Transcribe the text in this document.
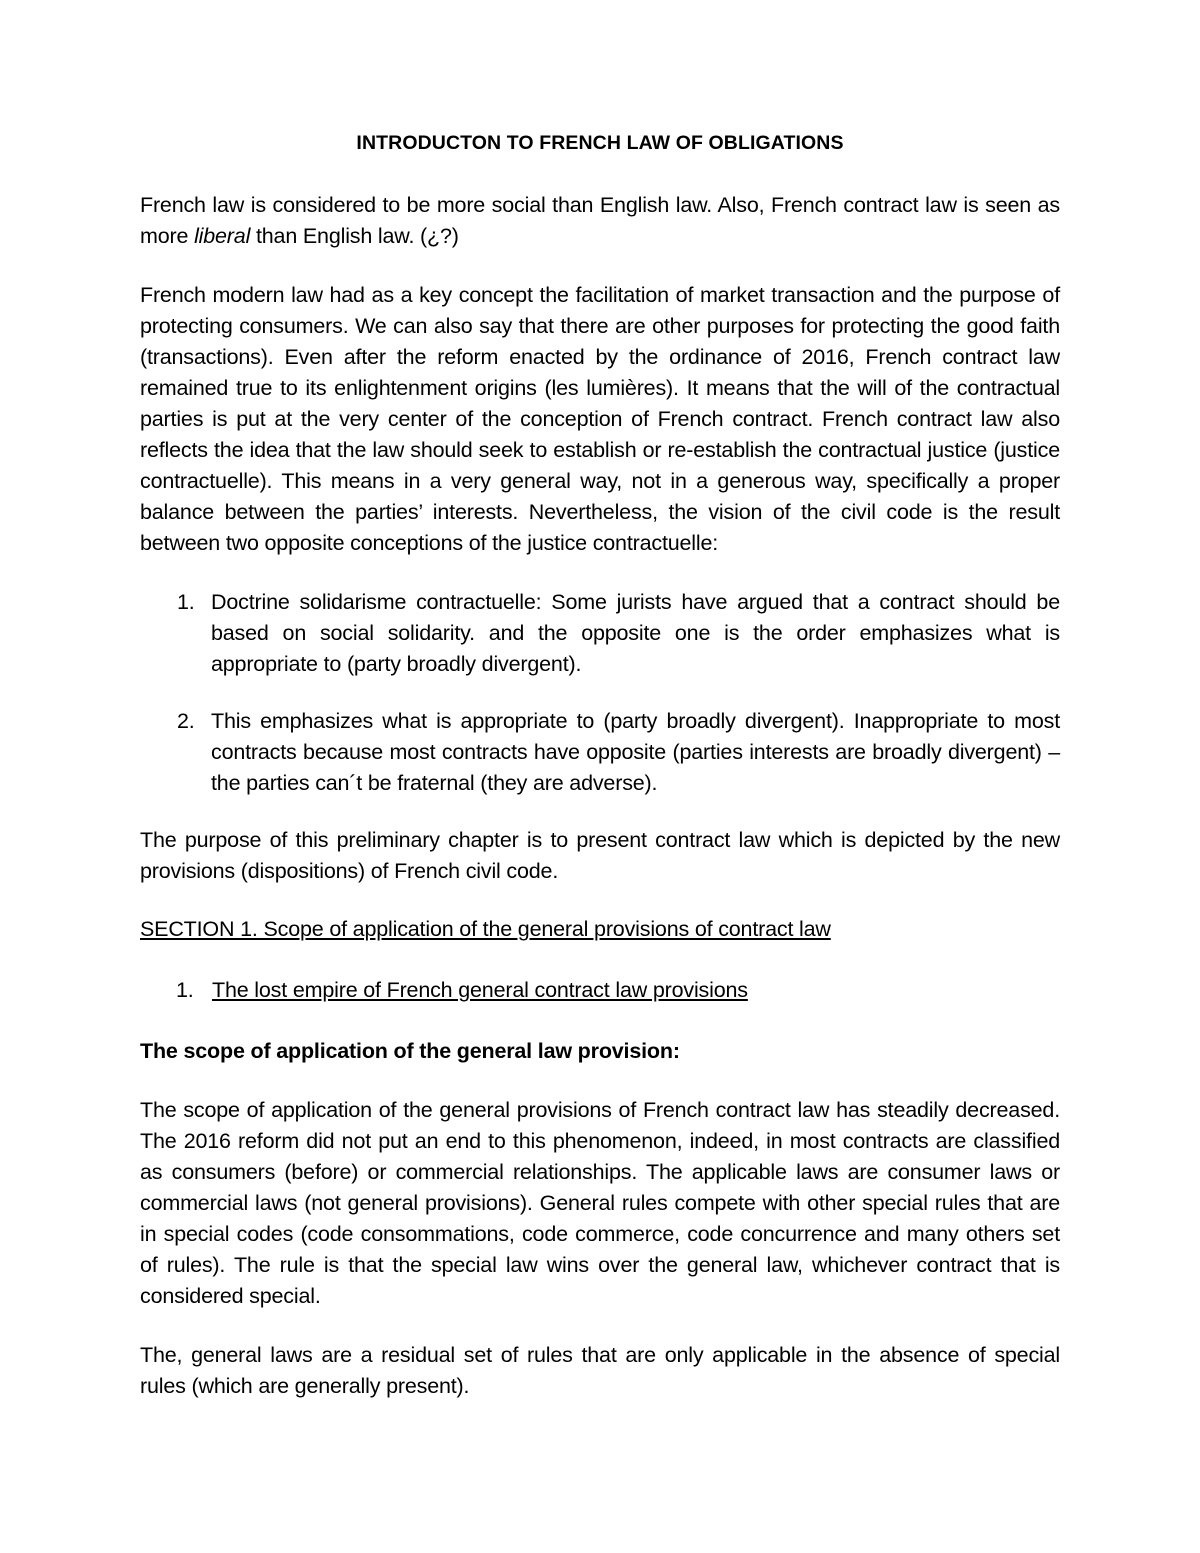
INTRODUCTON TO FRENCH LAW OF OBLIGATIONS

French law is considered to be more social than English law. Also, French contract law is seen as more liberal than English law. (¿?)

French modern law had as a key concept the facilitation of market transaction and the purpose of protecting consumers. We can also say that there are other purposes for protecting the good faith (transactions). Even after the reform enacted by the ordinance of 2016, French contract law remained true to its enlightenment origins (les lumières). It means that the will of the contractual parties is put at the very center of the conception of French contract. French contract law also reflects the idea that the law should seek to establish or re-establish the contractual justice (justice contractuelle). This means in a very general way, not in a generous way, specifically a proper balance between the parties’ interests. Nevertheless, the vision of the civil code is the result between two opposite conceptions of the justice contractuelle:

1. Doctrine solidarisme contractuelle: Some jurists have argued that a contract should be based on social solidarity. and the opposite one is the order emphasizes what is appropriate to (party broadly divergent).
2. This emphasizes what is appropriate to (party broadly divergent). Inappropriate to most contracts because most contracts have opposite (parties interests are broadly divergent) – the parties can´t be fraternal (they are adverse).

The purpose of this preliminary chapter is to present contract law which is depicted by the new provisions (dispositions) of French civil code.

SECTION 1. Scope of application of the general provisions of contract law

1. The lost empire of French general contract law provisions

The scope of application of the general law provision:

The scope of application of the general provisions of French contract law has steadily decreased. The 2016 reform did not put an end to this phenomenon, indeed, in most contracts are classified as consumers (before) or commercial relationships. The applicable laws are consumer laws or commercial laws (not general provisions). General rules compete with other special rules that are in special codes (code consommations, code commerce, code concurrence and many others set of rules). The rule is that the special law wins over the general law, whichever contract that is considered special.

The, general laws are a residual set of rules that are only applicable in the absence of special rules (which are generally present).
